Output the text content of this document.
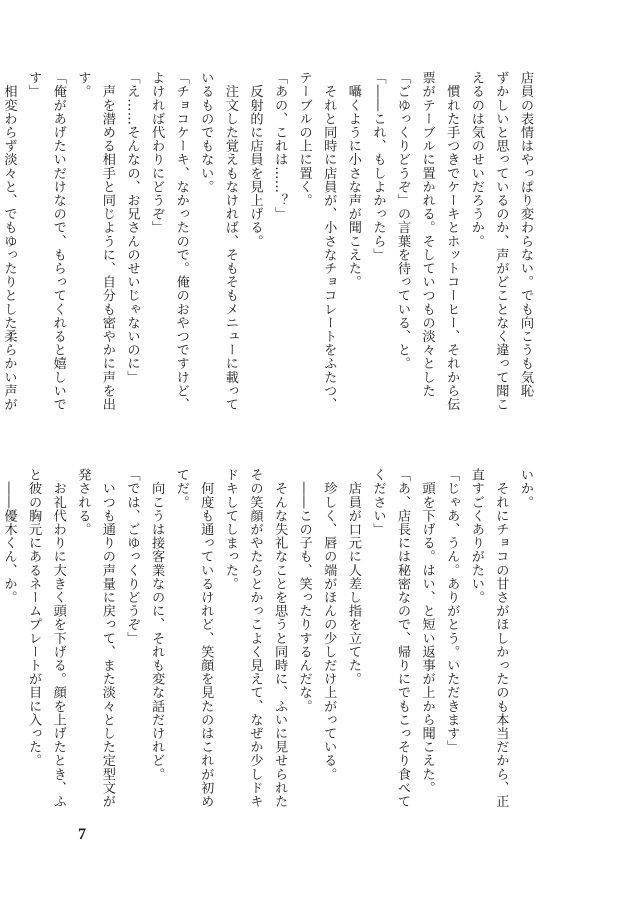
店員の表情はやっぱり変わらない。でも向こうも気恥
ずかしいと思っているのか、声がどことなく違って聞こ
えるのは気のせいだろうか。
　慣れた手つきでケーキとホットコーヒー、それから伝
票がテーブルに置かれる。そしていつもの淡々とした
「ごゆっくりどうぞ」の言葉を待っている、と。
「――これ、もしよかったら」
　囁くように小さな声が聞こえた。
　それと同時に店員が、小さなチョコレートをふたつ、
テーブルの上に置く。
「あの、これは……？」
　反射的に店員を見上げる。
　注文した覚えもなければ、そもそもメニューに載って
いるものでもない。
「チョコケーキ、なかったので。俺のおやつですけど、
よければ代わりにどうぞ」
「え……そんなの、お兄さんのせいじゃないのに」
　声を潜める相手と同じように、自分も密やかに声を出
す。
「俺があげたいだけなので、もらってくれると嬉しいで
す」
　相変わらず淡々と、でもゆったりとした柔らかい声が
いか。
　それにチョコの甘さがほしかったのも本当だから、正
直すごくありがたい。
「じゃあ、うん。ありがとう。いただきます」
　頭を下げる。はい、と短い返事が上から聞こえた。
「あ、店長には秘密なので、帰りにでもこっそり食べて
ください」
　店員が口元に人差し指を立てた。
　珍しく、唇の端がほんの少しだけ上がっている。
　――この子も、笑ったりするんだな。
　そんな失礼なことを思うと同時に、ふいに見せられた
その笑顔がやたらとかっこよく見えて、なぜか少しドキ
ドキしてしまった。
　何度も通っているけれど、笑顔を見たのはこれが初め
てだ。
　向こうは接客業なのに、それも変な話だけれど。
「では、ごゆっくりどうぞ」
　いつも通りの声量に戻って、また淡々とした定型文が
発される。
　お礼代わりに大きく頭を下げる。顔を上げたとき、ふ
と彼の胸元にあるネームプレートが目に入った。
　――優木くん、か。
7
